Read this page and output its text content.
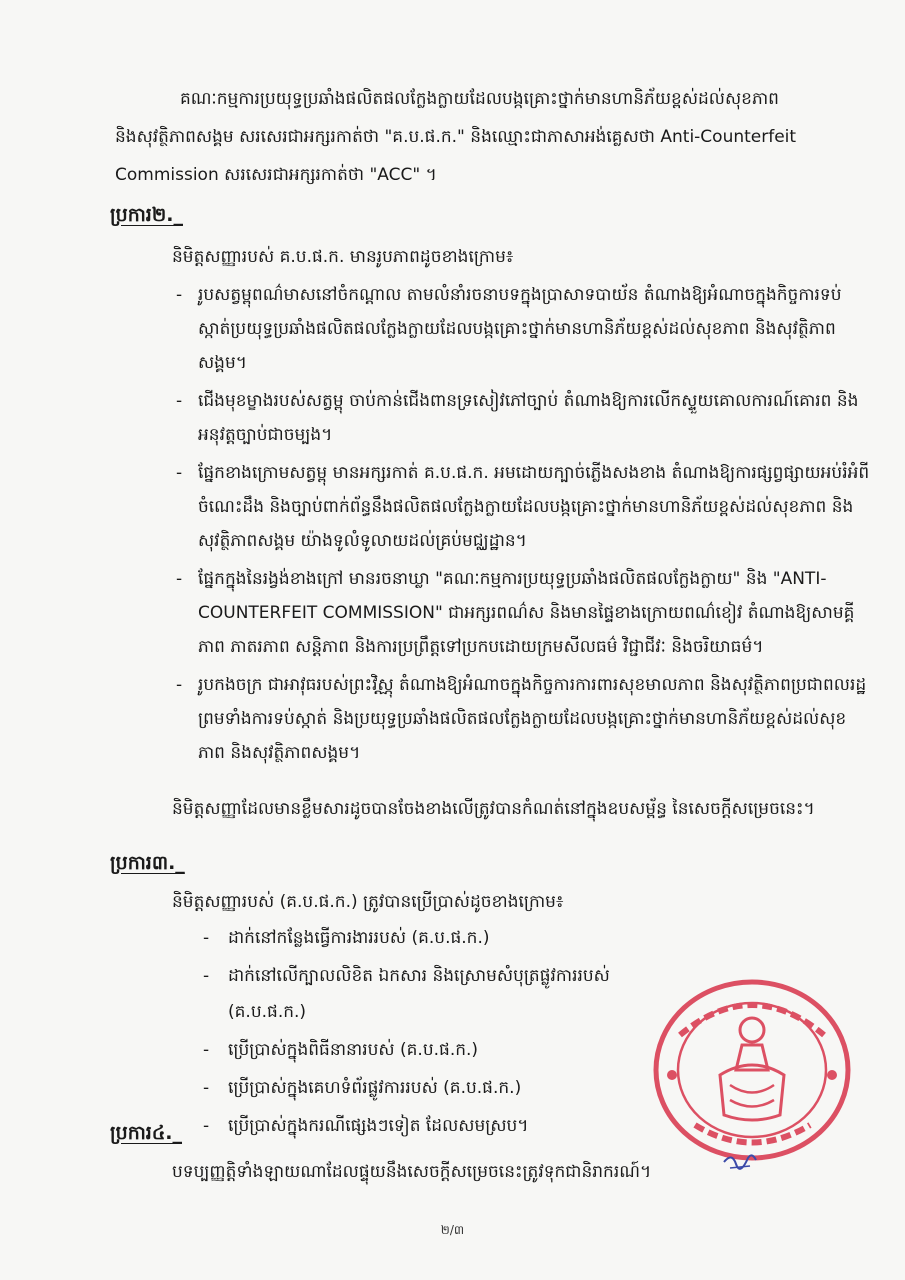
គណៈកម្មការប្រយុទ្ធប្រឆាំងផលិតផលក្លែងក្លាយដែលបង្កគ្រោះថ្នាក់មានហានិភ័យខ្ពស់ដល់សុខភាព
និងសុវត្ថិភាពសង្គម សរសេរជាអក្សរកាត់ថា "គ.ប.ផ.ក." និងឈ្មោះជាភាសាអង់គ្លេសថា Anti-Counterfeit
Commission សរសេរជាអក្សរកាត់ថា "ACC" ។
ប្រការ២._
និមិត្តសញ្ញារបស់ គ.ប.ផ.ក. មានរូបភាពដូចខាងក្រោម៖
- រូបសត្វម្ពុពណ៌មាសនៅចំកណ្តាល តាមលំនាំរចនាបទក្នុងប្រាសាទបាយ័ន តំណាងឱ្យអំណាចក្នុងកិច្ចការទប់ស្កាត់ប្រយុទ្ធប្រឆាំងផលិតផលក្លែងក្លាយដែលបង្កគ្រោះថ្នាក់មានហានិភ័យខ្ពស់ដល់សុខភាព និងសុវត្ថិភាពសង្គម។
- ជើងមុខម្ខាងរបស់សត្វម្ពុ ចាប់កាន់ជើងពានទ្រសៀវភៅច្បាប់ តំណាងឱ្យការលើកស្ទួយគោលការណ៍គោរព និងអនុវត្តច្បាប់ជាចម្បង។
- ផ្នែកខាងក្រោមសត្វម្ពុ មានអក្សរកាត់ គ.ប.ផ.ក. អមដោយក្បាច់ភ្លើងសងខាង តំណាងឱ្យការផ្សព្វផ្សាយអប់រំអំពីចំណេះដឹង និងច្បាប់ពាក់ព័ន្ធនឹងផលិតផលក្លែងក្លាយដែលបង្កគ្រោះថ្នាក់មានហានិភ័យខ្ពស់ដល់សុខភាព និងសុវត្ថិភាពសង្គម យ៉ាងទូលំទូលាយដល់គ្រប់មជ្ឈដ្ឋាន។
- ផ្នែកក្នុងនៃរង្វង់ខាងក្រៅ មានរចនាឃ្លា "គណៈកម្មការប្រយុទ្ធប្រឆាំងផលិតផលក្លែងក្លាយ" និង "ANTI-COUNTERFEIT COMMISSION" ជាអក្សរពណ៌ស និងមានផ្ទៃខាងក្រោយពណ៌ខៀវ តំណាងឱ្យសាមគ្គីភាព ភាតរភាព សន្តិភាព និងការប្រព្រឹត្តទៅប្រកបដោយក្រមសីលធម៌ វិជ្ជាជីវៈ និងចរិយាធម៌។
- រូបកងចក្រ ជាអាវុធរបស់ព្រះវិស្ណុ តំណាងឱ្យអំណាចក្នុងកិច្ចការការពារសុខមាលភាព និងសុវត្ថិភាពប្រជាពលរដ្ឋ ព្រមទាំងការទប់ស្កាត់ និងប្រយុទ្ធប្រឆាំងផលិតផលក្លែងក្លាយដែលបង្កគ្រោះថ្នាក់មានហានិភ័យខ្ពស់ដល់សុខភាព និងសុវត្ថិភាពសង្គម។
និមិត្តសញ្ញាដែលមានខ្លឹមសារដូចបានចែងខាងលើត្រូវបានកំណត់នៅក្នុងឧបសម្ព័ន្ធ នៃសេចក្តីសម្រេចនេះ។
ប្រការ៣._
និមិត្តសញ្ញារបស់ (គ.ប.ផ.ក.) ត្រូវបានប្រើប្រាស់ដូចខាងក្រោម៖
- ដាក់នៅកន្លែងធ្វើការងាររបស់ (គ.ប.ផ.ក.)
- ដាក់នៅលើក្បាលលិខិត ឯកសារ និងស្រោមសំបុត្រផ្លូវការរបស់ (គ.ប.ផ.ក.)
- ប្រើប្រាស់ក្នុងពិធីនានារបស់ (គ.ប.ផ.ក.)
- ប្រើប្រាស់ក្នុងគេហទំព័រផ្លូវការរបស់ (គ.ប.ផ.ក.)
- ប្រើប្រាស់ក្នុងករណីផ្សេងៗទៀត ដែលសមស្រប។
ប្រការ៤._
បទប្បញ្ញត្តិទាំងឡាយណាដែលផ្ទុយនឹងសេចក្តីសម្រេចនេះត្រូវទុកជានិរាករណ៍។
២/៣
